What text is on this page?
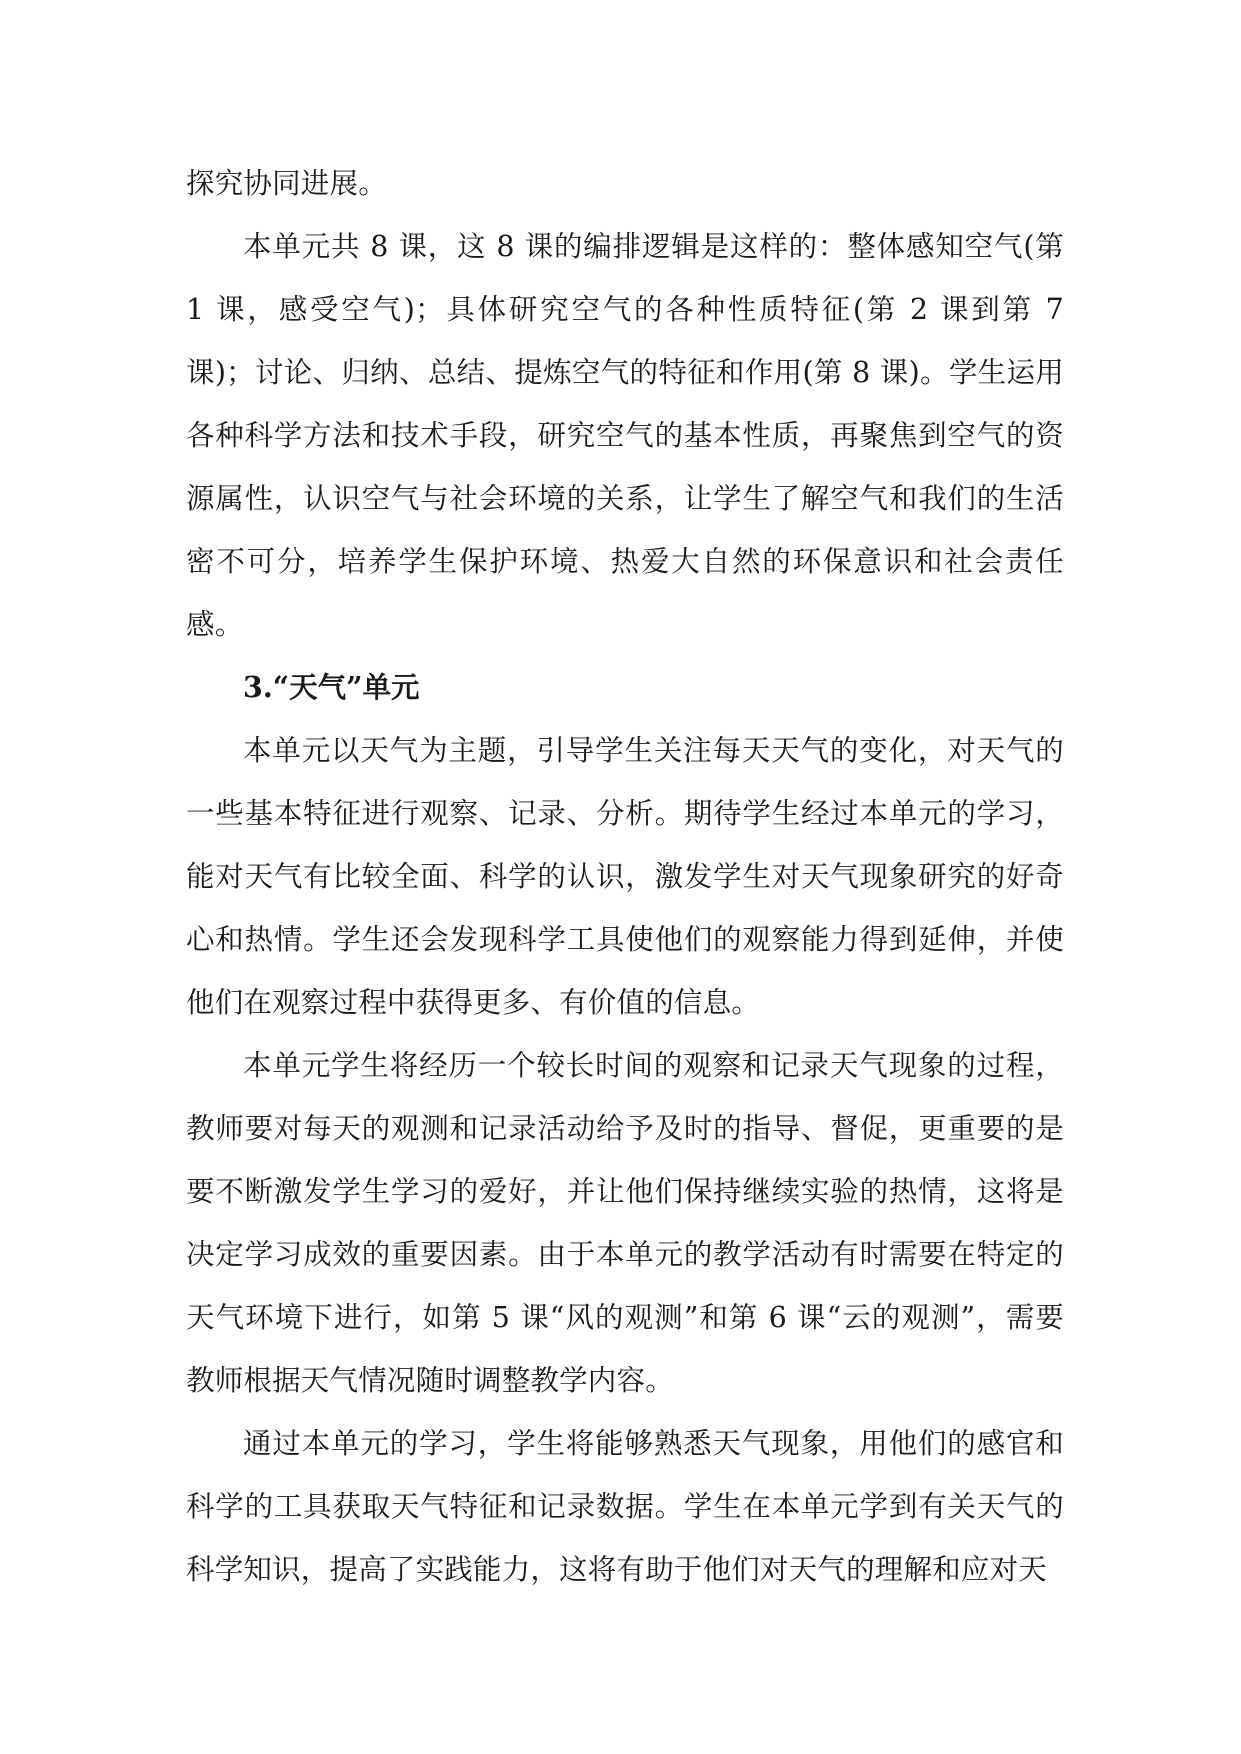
探究协同进展。

本单元共 8 课，这 8 课的编排逻辑是这样的：整体感知空气(第 1 课，感受空气)；具体研究空气的各种性质特征(第 2 课到第 7 课)；讨论、归纳、总结、提炼空气的特征和作用(第 8 课)。学生运用各种科学方法和技术手段，研究空气的基本性质，再聚焦到空气的资源属性，认识空气与社会环境的关系，让学生了解空气和我们的生活密不可分，培养学生保护环境、热爱大自然的环保意识和社会责任感。

3.“天气”单元

本单元以天气为主题，引导学生关注每天天气的变化，对天气的一些基本特征进行观察、记录、分析。期待学生经过本单元的学习，能对天气有比较全面、科学的认识，激发学生对天气现象研究的好奇心和热情。学生还会发现科学工具使他们的观察能力得到延伸，并使他们在观察过程中获得更多、有价值的信息。

本单元学生将经历一个较长时间的观察和记录天气现象的过程，教师要对每天的观测和记录活动给予及时的指导、督促，更重要的是要不断激发学生学习的爱好，并让他们保持继续实验的热情，这将是决定学习成效的重要因素。由于本单元的教学活动有时需要在特定的天气环境下进行，如第 5 课“风的观测”和第 6 课“云的观测”，需要教师根据天气情况随时调整教学内容。

通过本单元的学习，学生将能够熟悉天气现象，用他们的感官和科学的工具获取天气特征和记录数据。学生在本单元学到有关天气的科学知识，提高了实践能力，这将有助于他们对天气的理解和应对天
